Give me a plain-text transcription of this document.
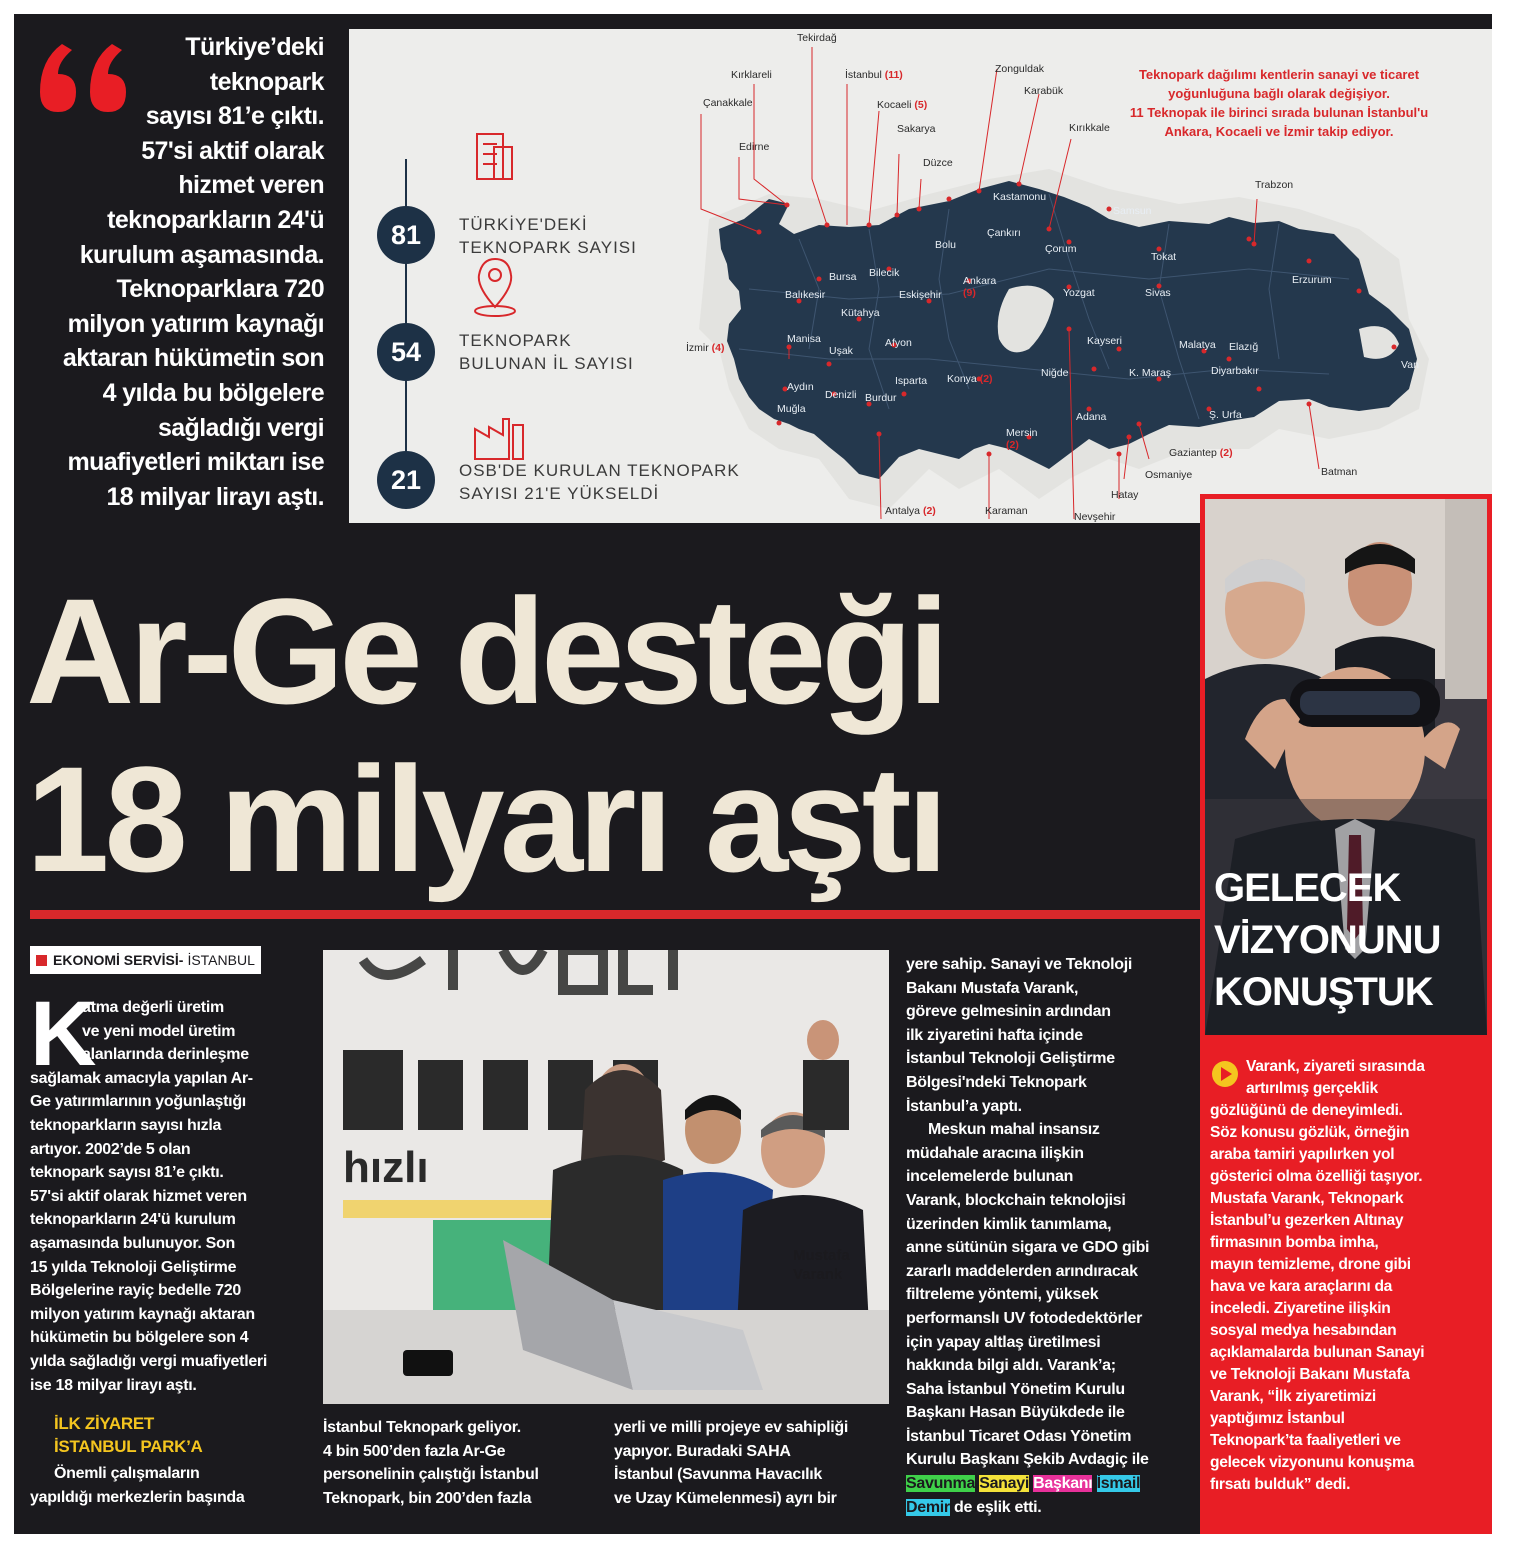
Türkiye’deki
teknopark
sayısı 81’e çıktı.
57'si aktif olarak
hizmet veren
teknoparkların 24'ü
kurulum aşamasında.
Teknoparklara 720
milyon yatırım kaynağı
aktaran hükümetin son
4 yılda bu bölgelere
sağladığı vergi
muafiyetleri miktarı ise
18 milyar lirayı aştı.
81	TÜRKİYE'DEKİ
TEKNOPARK SAYISI
54	TEKNOPARK
BULUNAN İL SAYISI
21	OSB'DE KURULAN TEKNOPARK
SAYISI 21'E YÜKSELDİ
Teknopark dağılımı kentlerin sanayi ve ticaret
yoğunluğuna bağlı olarak değişiyor.
11 Teknopak ile birinci sırada bulunan İstanbul'u
Ankara, Kocaeli ve İzmir takip ediyor.
Tekirdağ
Kırklareli	İstanbul (11)	Zonguldak
Karabük
Çanakkale	Kocaeli (5)
Sakarya	Kırıkkale
Edirne
Düzce
Trabzon
İzmir (4)
Gaziantep (2)
Osmaniye	Batman
Hatay
Antalya (2)	Karaman	Nevşehir
Kastamonu
Samsun
Çankırı
Bolu	Çorum
Tokat
Erzurum
Bursa Bilecik
Ankara
(9)	Yozgat	Sivas
Balıkesir	Eskişehir
Kütahya
Manisa	Afyon
Uşak
Kayseri	Malatya Elazığ
Van
Niğde	K. Maraş	Diyarbakır
Aydın
Denizli
Isparta Konya (2)
Burdur
Muğla
Adana	Ş. Urfa
Mersin
(2)
Ar-Ge desteği
18 milyarı aştı	GELECEK
VİZYONUNU
KONUŞTUK
Varank, ziyareti sırasında
artırılmış gerçeklik
gözlüğünü de deneyimledi.
Söz konusu gözlük, örneğin
araba tamiri yapılırken yol
gösterici olma özelliği taşıyor.
Mustafa Varank, Teknopark
İstanbul’u gezerken Altınay
firmasının bomba imha,
mayın temizleme, drone gibi
hava ve kara araçlarını da
inceledi. Ziyaretine ilişkin
sosyal medya hesabından
açıklamalarda bulunan Sanayi
ve Teknoloji Bakanı Mustafa
Varank, “İlk ziyaretimizi
yaptığımız İstanbul
Teknopark’ta faaliyetleri ve
gelecek vizyonunu konuşma
fırsatı bulduk” dedi.
EKONOMİ SERVİSİ- İSTANBUL
K
atma değerli üretim
ve yeni model üretim
alanlarında derinleşme
sağlamak amacıyla yapılan Ar-
Ge yatırımlarının yoğunlaştığı
teknoparkların sayısı hızla
artıyor. 2002’de 5 olan
teknopark sayısı 81’e çıktı.
57'si aktif olarak hizmet veren
teknoparkların 24'ü kurulum
aşamasında bulunuyor. Son
15 yılda Teknoloji Geliştirme
Bölgelerine rayiç bedelle 720
milyon yatırım kaynağı aktaran
hükümetin bu bölgelere son 4
yılda sağladığı vergi muafiyetleri
ise 18 milyar lirayı aştı.
İLK ZİYARET
İSTANBUL PARK’A
Önemli çalışmaların
yapıldığı merkezlerin başında
hızlı
Mustafa
Varank
İstanbul Teknopark geliyor.
4 bin 500’den fazla Ar-Ge
personelinin çalıştığı İstanbul
Teknopark, bin 200’den fazla
yerli ve milli projeye ev sahipliği
yapıyor. Buradaki SAHA
İstanbul (Savunma Havacılık
ve Uzay Kümelenmesi) ayrı bir
yere sahip. Sanayi ve Teknoloji
Bakanı Mustafa Varank,
göreve gelmesinin ardından
ilk ziyaretini hafta içinde
İstanbul Teknoloji Geliştirme
Bölgesi'ndeki Teknopark
İstanbul’a yaptı.
Meskun mahal insansız
müdahale aracına ilişkin
incelemelerde bulunan
Varank, blockchain teknolojisi
üzerinden kimlik tanımlama,
anne sütünün sigara ve GDO gibi
zararlı maddelerden arındıracak
filtreleme yöntemi, yüksek
performanslı UV fotodedektörler
için yapay altlaş üretilmesi
hakkında bilgi aldı. Varank’a;
Saha İstanbul Yönetim Kurulu
Başkanı Hasan Büyükdede ile
İstanbul Ticaret Odası Yönetim
Kurulu Başkanı Şekib Avdagiç ile
Savunma Sanayi Başkanı İsmail
Demir de eşlik etti.
